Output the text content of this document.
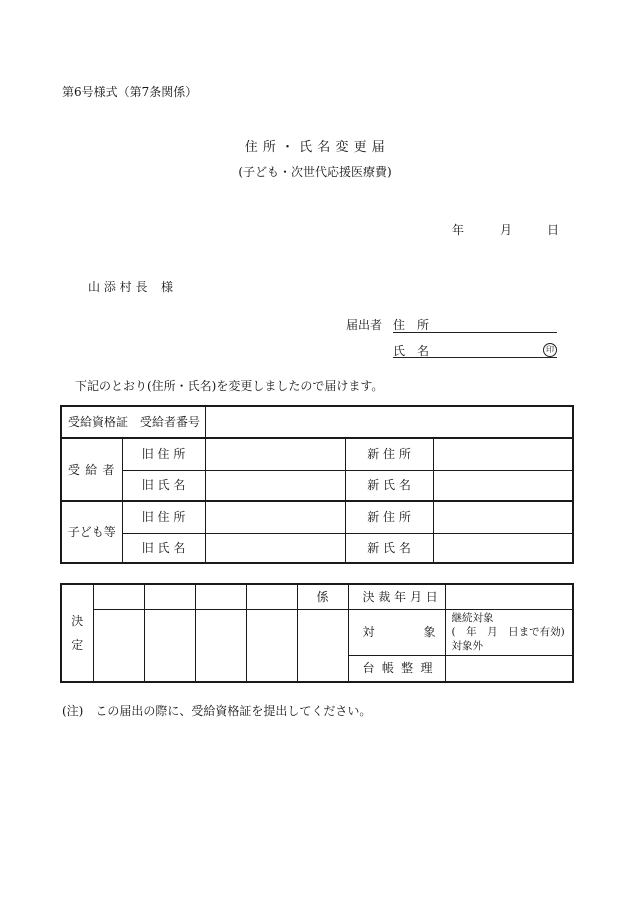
第6号様式（第7条関係）
住 所 ・ 氏 名 変 更 届
(子ども・次世代応援医療費)
年	月	日
山 添 村 長 様
届出者 住　所
氏　名	印
下記のとおり(住所・氏名)を変更しましたので届けます。
受給資格証　受給者番号				
受 給 者	旧 住 所		新 住 所	
	旧 氏 名		新 氏 名	
子ども等	旧 住 所		新 住 所	
	旧 氏 名		新 氏 名	
決
定					係	決 裁 年 月 日	
						対　　象	継続対象
(　年　月　日まで有効)
対象外

						台 帳 整 理	
(注)　この届出の際に、受給資格証を提出してください。
